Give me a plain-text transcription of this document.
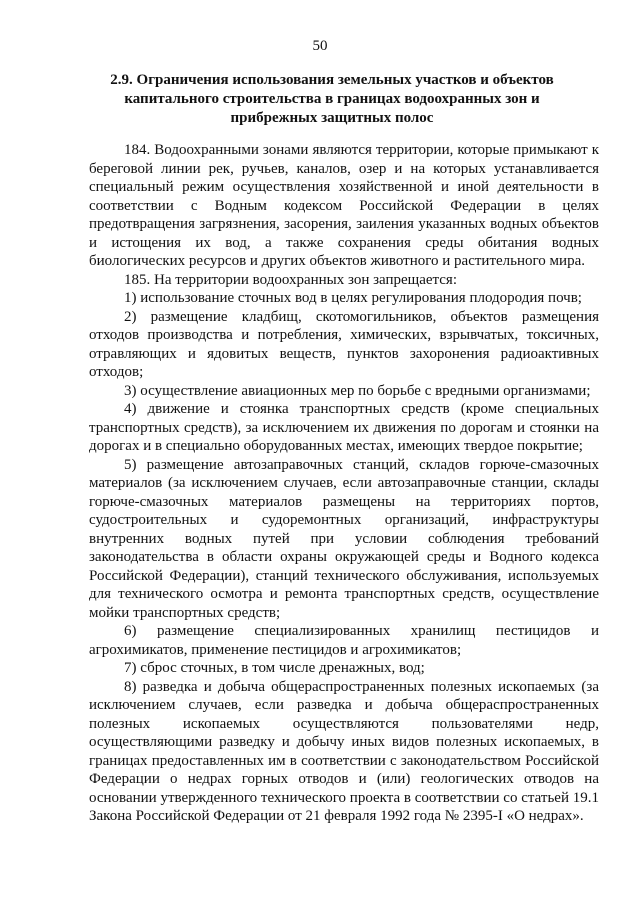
50
2.9. Ограничения использования земельных участков и объектов
капитального строительства в границах водоохранных зон и
прибрежных защитных полос

184. Водоохранными зонами являются территории, которые примыкают к береговой линии рек, ручьев, каналов, озер и на которых устанавливается специальный режим осуществления хозяйственной и иной деятельности в соответствии с Водным кодексом Российской Федерации в целях предотвращения загрязнения, засорения, заиления указанных водных объектов и истощения их вод, а также сохранения среды обитания водных биологических ресурсов и других объектов животного и растительного мира.

185. На территории водоохранных зон запрещается:

1) использование сточных вод в целях регулирования плодородия почв;

2) размещение кладбищ, скотомогильников, объектов размещения отходов производства и потребления, химических, взрывчатых, токсичных, отравляющих и ядовитых веществ, пунктов захоронения радиоактивных отходов;

3) осуществление авиационных мер по борьбе с вредными организмами;

4) движение и стоянка транспортных средств (кроме специальных транспортных средств), за исключением их движения по дорогам и стоянки на дорогах и в специально оборудованных местах, имеющих твердое покрытие;

5) размещение автозаправочных станций, складов горюче-смазочных материалов (за исключением случаев, если автозаправочные станции, склады горюче-смазочных материалов размещены на территориях портов, судостроительных и судоремонтных организаций, инфраструктуры внутренних водных путей при условии соблюдения требований законодательства в области охраны окружающей среды и Водного кодекса Российской Федерации), станций технического обслуживания, используемых для технического осмотра и ремонта транспортных средств, осуществление мойки транспортных средств;

6) размещение специализированных хранилищ пестицидов и агрохимикатов, применение пестицидов и агрохимикатов;

7) сброс сточных, в том числе дренажных, вод;

8) разведка и добыча общераспространенных полезных ископаемых (за исключением случаев, если разведка и добыча общераспространенных полезных ископаемых осуществляются пользователями недр, осуществляющими разведку и добычу иных видов полезных ископаемых, в границах предоставленных им в соответствии с законодательством Российской Федерации о недрах горных отводов и (или) геологических отводов на основании утвержденного технического проекта в соответствии со статьей 19.1 Закона Российской Федерации от 21 февраля 1992 года № 2395-I «О недрах».
